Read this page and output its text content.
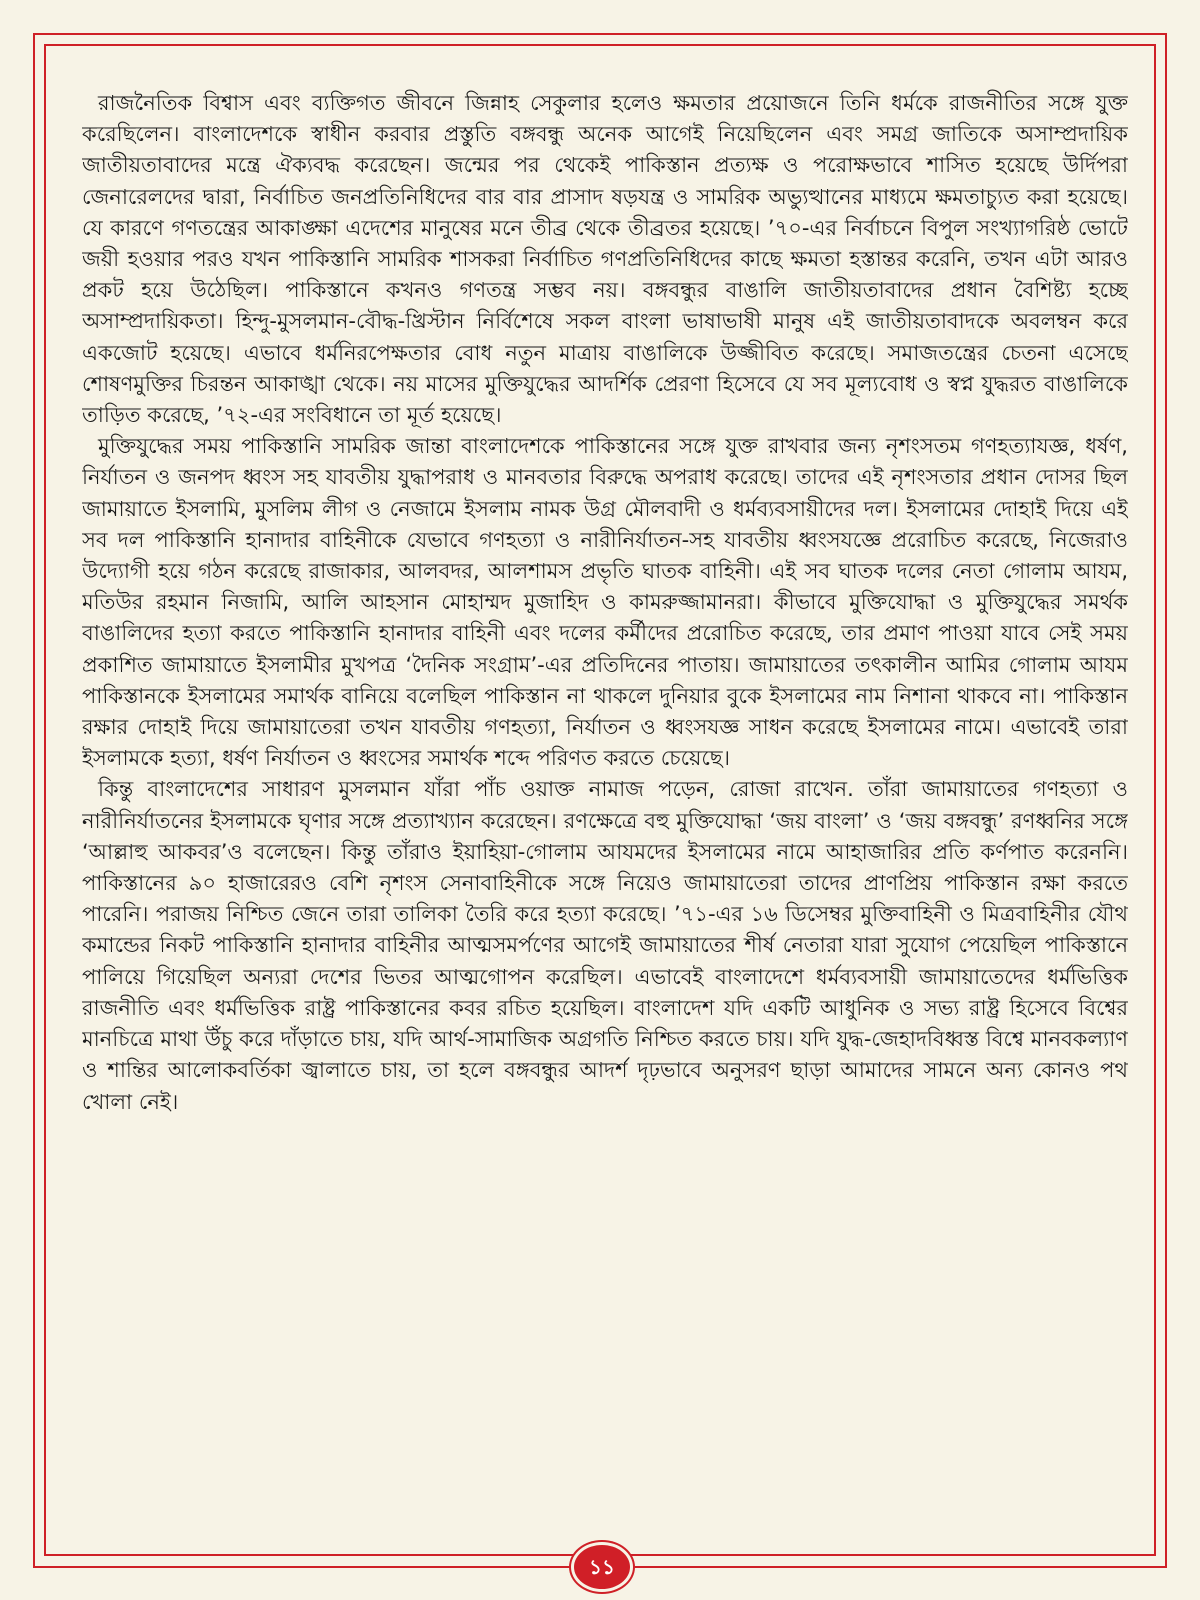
রাজনৈতিক বিশ্বাস এবং ব্যক্তিগত জীবনে জিন্নাহ সেকুলার হলেও ক্ষমতার প্রয়োজনে তিনি ধর্মকে রাজনীতির সঙ্গে যুক্ত করেছিলেন। বাংলাদেশকে স্বাধীন করবার প্রস্তুতি বঙ্গবন্ধু অনেক আগেই নিয়েছিলেন এবং সমগ্র জাতিকে অসাম্প্রদায়িক জাতীয়তাবাদের মন্ত্রে ঐক্যবদ্ধ করেছেন। জন্মের পর থেকেই পাকিস্তান প্রত্যক্ষ ও পরোক্ষভাবে শাসিত হয়েছে উর্দিপরা জেনারেলদের দ্বারা, নির্বাচিত জনপ্রতিনিধিদের বার বার প্রাসাদ ষড়যন্ত্র ও সামরিক অভ্যুত্থানের মাধ্যমে ক্ষমতাচ্যুত করা হয়েছে। যে কারণে গণতন্ত্রের আকাঙ্ক্ষা এদেশের মানুষের মনে তীব্র থেকে তীব্রতর হয়েছে। ’৭০-এর নির্বাচনে বিপুল সংখ্যাগরিষ্ঠ ভোটে জয়ী হওয়ার পরও যখন পাকিস্তানি সামরিক শাসকরা নির্বাচিত গণপ্রতিনিধিদের কাছে ক্ষমতা হস্তান্তর করেনি, তখন এটা আরও প্রকট হয়ে উঠেছিল। পাকিস্তানে কখনও গণতন্ত্র সম্ভব নয়। বঙ্গবন্ধুর বাঙালি জাতীয়তাবাদের প্রধান বৈশিষ্ট্য হচ্ছে অসাম্প্রদায়িকতা। হিন্দু-মুসলমান-বৌদ্ধ-খ্রিস্টান নির্বিশেষে সকল বাংলা ভাষাভাষী মানুষ এই জাতীয়তাবাদকে অবলম্বন করে একজোট হয়েছে। এভাবে ধর্মনিরপেক্ষতার বোধ নতুন মাত্রায় বাঙালিকে উজ্জীবিত করেছে। সমাজতন্ত্রের চেতনা এসেছে শোষণমুক্তির চিরন্তন আকাঙ্খা থেকে। নয় মাসের মুক্তিযুদ্ধের আদর্শিক প্রেরণা হিসেবে যে সব মূল্যবোধ ও স্বপ্ন যুদ্ধরত বাঙালিকে তাড়িত করেছে, ’৭২-এর সংবিধানে তা মূর্ত হয়েছে।

মুক্তিযুদ্ধের সময় পাকিস্তানি সামরিক জান্তা বাংলাদেশকে পাকিস্তানের সঙ্গে যুক্ত রাখবার জন্য নৃশংসতম গণহত্যাযজ্ঞ, ধর্ষণ, নির্যাতন ও জনপদ ধ্বংস সহ যাবতীয় যুদ্ধাপরাধ ও মানবতার বিরুদ্ধে অপরাধ করেছে। তাদের এই নৃশংসতার প্রধান দোসর ছিল জামায়াতে ইসলামি, মুসলিম লীগ ও নেজামে ইসলাম নামক উগ্র মৌলবাদী ও ধর্মব্যবসায়ীদের দল। ইসলামের দোহাই দিয়ে এই সব দল পাকিস্তানি হানাদার বাহিনীকে যেভাবে গণহত্যা ও নারীনির্যাতন-সহ যাবতীয় ধ্বংসযজ্ঞে প্ররোচিত করেছে, নিজেরাও উদ্যোগী হয়ে গঠন করেছে রাজাকার, আলবদর, আলশামস প্রভৃতি ঘাতক বাহিনী। এই সব ঘাতক দলের নেতা গোলাম আযম, মতিউর রহমান নিজামি, আলি আহসান মোহাম্মদ মুজাহিদ ও কামরুজ্জামানরা। কীভাবে মুক্তিযোদ্ধা ও মুক্তিযুদ্ধের সমর্থক বাঙালিদের হত্যা করতে পাকিস্তানি হানাদার বাহিনী এবং দলের কর্মীদের প্ররোচিত করেছে, তার প্রমাণ পাওয়া যাবে সেই সময় প্রকাশিত জামায়াতে ইসলামীর মুখপত্র ‘দৈনিক সংগ্রাম’-এর প্রতিদিনের পাতায়। জামায়াতের তৎকালীন আমির গোলাম আযম পাকিস্তানকে ইসলামের সমার্থক বানিয়ে বলেছিল পাকিস্তান না থাকলে দুনিয়ার বুকে ইসলামের নাম নিশানা থাকবে না। পাকিস্তান রক্ষার দোহাই দিয়ে জামায়াতেরা তখন যাবতীয় গণহত্যা, নির্যাতন ও ধ্বংসযজ্ঞ সাধন করেছে ইসলামের নামে। এভাবেই তারা ইসলামকে হত্যা, ধর্ষণ নির্যাতন ও ধ্বংসের সমার্থক শব্দে পরিণত করতে চেয়েছে।

কিন্তু বাংলাদেশের সাধারণ মুসলমান যাঁরা পাঁচ ওয়াক্ত নামাজ পড়েন, রোজা রাখেন. তাঁরা জামায়াতের গণহত্যা ও নারীনির্যাতনের ইসলামকে ঘৃণার সঙ্গে প্রত্যাখ্যান করেছেন। রণক্ষেত্রে বহু মুক্তিযোদ্ধা ‘জয় বাংলা’ ও ‘জয় বঙ্গবন্ধু’ রণধ্বনির সঙ্গে ‘আল্লাহু আকবর’ও বলেছেন। কিন্তু তাঁরাও ইয়াহিয়া-গোলাম আযমদের ইসলামের নামে আহাজারির প্রতি কর্ণপাত করেননি। পাকিস্তানের ৯০ হাজারেরও বেশি নৃশংস সেনাবাহিনীকে সঙ্গে নিয়েও জামায়াতেরা তাদের প্রাণপ্রিয় পাকিস্তান রক্ষা করতে পারেনি। পরাজয় নিশ্চিত জেনে তারা তালিকা তৈরি করে হত্যা করেছে। ’৭১-এর ১৬ ডিসেম্বর মুক্তিবাহিনী ও মিত্রবাহিনীর যৌথ কমান্ডের নিকট পাকিস্তানি হানাদার বাহিনীর আত্মসমর্পণের আগেই জামায়াতের শীর্ষ নেতারা যারা সুযোগ পেয়েছিল পাকিস্তানে পালিয়ে গিয়েছিল অন্যরা দেশের ভিতর আত্মগোপন করেছিল। এভাবেই বাংলাদেশে ধর্মব্যবসায়ী জামায়াতেদের ধর্মভিত্তিক রাজনীতি এবং ধর্মভিত্তিক রাষ্ট্র পাকিস্তানের কবর রচিত হয়েছিল। বাংলাদেশ যদি একটি আধুনিক ও সভ্য রাষ্ট্র হিসেবে বিশ্বের মানচিত্রে মাথা উঁচু করে দাঁড়াতে চায়, যদি আর্থ-সামাজিক অগ্রগতি নিশ্চিত করতে চায়। যদি যুদ্ধ-জেহাদবিধ্বস্ত বিশ্বে মানবকল্যাণ ও শান্তির আলোকবর্তিকা জ্বালাতে চায়, তা হলে বঙ্গবন্ধুর আদর্শ দৃঢ়ভাবে অনুসরণ ছাড়া আমাদের সামনে অন্য কোনও পথ খোলা নেই।

১১
